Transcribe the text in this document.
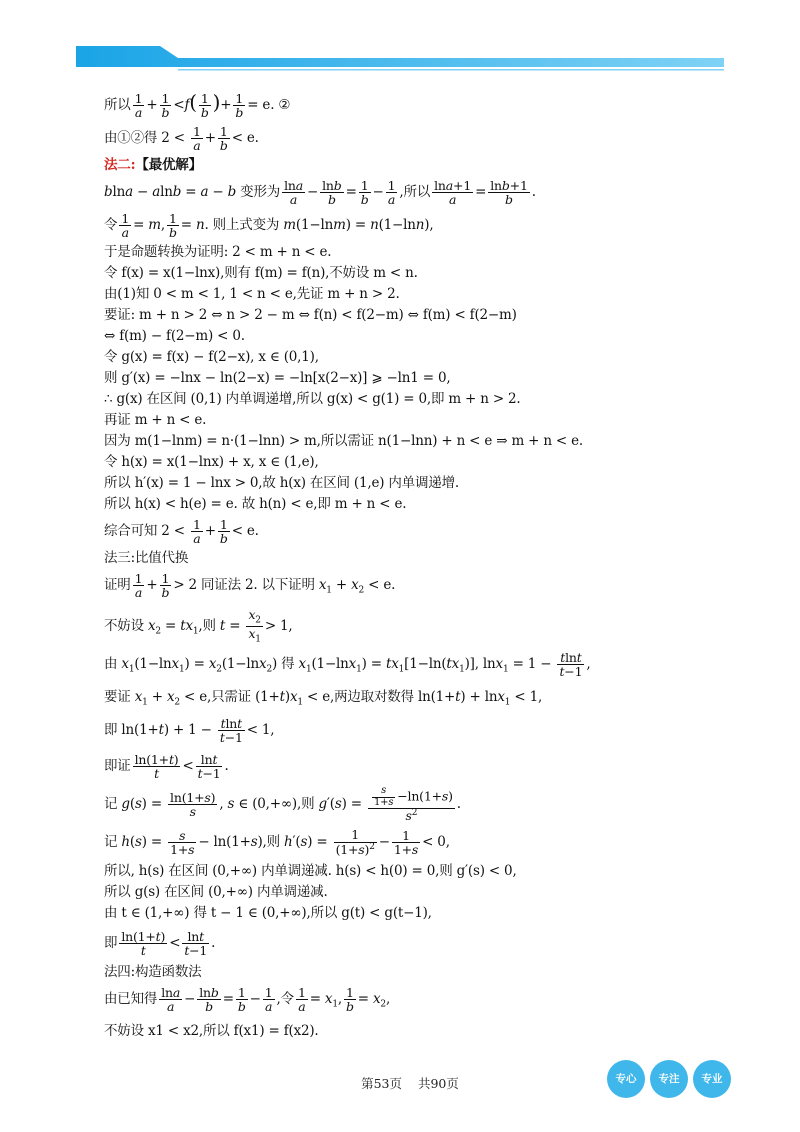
所以 $\frac{1}{a} + \frac{1}{b} <f( \frac{1}{b}$ )+ $\frac{1}{b} = e$. ②
由①②得 $2 < \frac{1}{a} + \frac{1}{b} < e$.
法二:【最优解】
blna − alnb = a − b 变形为 $\frac{\ln a}{a} - \frac{\ln b}{b} = \frac{1}{b} - \frac{1}{a}$ ,所以 $\frac{\ln a+1}{a} = \frac{\ln b+1}{b}$ .
令 $\frac{1}{a} = m$, $\frac{1}{b} = n$. 则上式变为 m(1−lnm) = n(1−lnn),
于是命题转换为证明: 2 < m + n < e.
令 f(x) = x(1−lnx),则有 f(m) = f(n),不妨设 m < n.
由(1)知 0 < m < 1, 1 < n < e,先证 m + n > 2.
要证: m + n > 2 ⇔ n > 2 − m ⇔ f(n) < f(2−m) ⇔ f(m) < f(2−m)
⇔ f(m) − f(2−m) < 0.
令 g(x) = f(x) − f(2−x), x ∈ (0,1),
则 g′(x) = −lnx − ln(2−x) = −ln[x(2−x)] ⩾ −ln1 = 0,
∴ g(x) 在区间 (0,1) 内单调递增,所以 g(x) < g(1) = 0,即 m + n > 2.
再证 m + n < e.
因为 m(1−lnm) = n·(1−lnn) > m,所以需证 n(1−lnn) + n < e ⇒ m + n < e.
令 h(x) = x(1−lnx) + x, x ∈ (1,e),
所以 h′(x) = 1 − lnx > 0,故 h(x) 在区间 (1,e) 内单调递增.
所以 h(x) < h(e) = e. 故 h(n) < e,即 m + n < e.
综合可知 $2 < \frac{1}{a} + \frac{1}{b} < e$.
法三:比值代换
证明 $\frac{1}{a} + \frac{1}{b} > 2$ 同证法 2. 以下证明 $x_1 + x_2 < e$.
不妨设 $x_2 = tx_1$,则 $t = \frac{x_2}{x_1} > 1$,
由 $x_1(1-\ln x_1) = x_2(1-\ln x_2)$ 得 $x_1(1-\ln x_1) = tx_1[1-\ln(tx_1)]$, $\ln x_1 = 1 - \frac{tlnt}{t-1}$ ,
要证 $x_1 + x_2 < e$,只需证 $(1+t)x_1 < e$,两边取对数得 ln(1+t) + lnx$_1$ < 1,
即 $\ln(1+t) + 1 - \frac{tlnt}{t-1} < 1$,
即证 $\frac{\ln(1+t)}{t} < \frac{\ln t}{t-1}$ .
记 $g(s) = \frac{\ln(1+s)}{s}$ , s ∈ (0,+∞),则 $g'(s) = \frac{\frac{s}{1+s} -\ln(1+s)}{s^2}$ .
记 $h(s) = \frac{s}{1+s} - \ln(1+s)$,则 $h'(s) = \frac{1}{(1+s)^2} - \frac{1}{1+s} < 0$,
所以, h(s) 在区间 (0,+∞) 内单调递减. h(s) < h(0) = 0,则 g′(s) < 0,
所以 g(s) 在区间 (0,+∞) 内单调递减.
由 t ∈ (1,+∞) 得 t − 1 ∈ (0,+∞),所以 g(t) < g(t−1),
即 $\frac{\ln(1+t)}{t} < \frac{\ln t}{t-1}$ .
法四:构造函数法
由已知得 $\frac{\ln a}{a} - \frac{\ln b}{b} = \frac{1}{b} - \frac{1}{a}$ ,令 $\frac{1}{a} = x_1$, $\frac{1}{b} = x_2$,
不妨设 x1 < x2,所以 f(x1) = f(x2).
第53页 共90页	专心	专注	专业
